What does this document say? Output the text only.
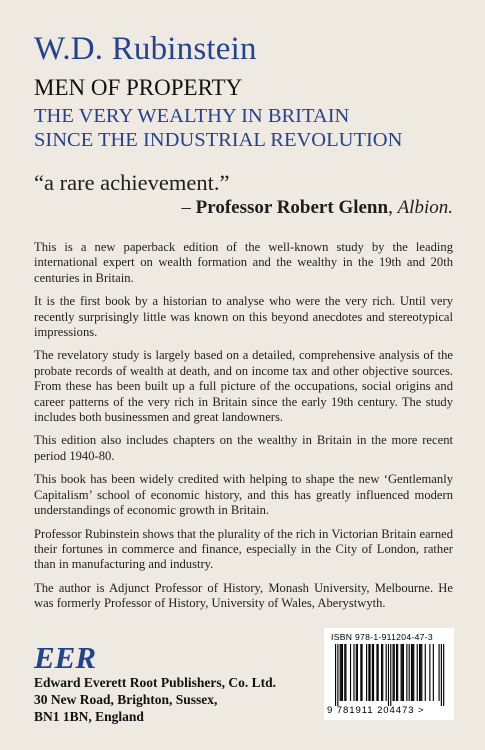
W.D. Rubinstein
MEN OF PROPERTY
THE VERY WEALTHY IN BRITAIN
SINCE THE INDUSTRIAL REVOLUTION
“a rare achievement.”
– Professor Robert Glenn, Albion.

This is a new paperback edition of the well-known study by the leading international expert on wealth formation and the wealthy in the 19th and 20th centuries in Britain.

It is the first book by a historian to analyse who were the very rich. Until very recently surprisingly little was known on this beyond anecdotes and stereotypical impressions.

The revelatory study is largely based on a detailed, comprehensive analysis of the probate records of wealth at death, and on income tax and other objective sources. From these has been built up a full picture of the occupations, social origins and career patterns of the very rich in Britain since the early 19th century. The study includes both businessmen and great landowners.

This edition also includes chapters on the wealthy in Britain in the more recent period 1940-80.

This book has been widely credited with helping to shape the new ‘Gentlemanly Capitalism’ school of economic history, and this has greatly influenced modern understandings of economic growth in Britain.

Professor Rubinstein shows that the plurality of the rich in Victorian Britain earned their fortunes in commerce and finance, especially in the City of London, rather than in manufacturing and industry.

The author is Adjunct Professor of History, Monash University, Melbourne. He was formerly Professor of History, University of Wales, Aberystwyth.

EER
Edward Everett Root Publishers, Co. Ltd.
30 New Road, Brighton, Sussex,
BN1 1BN, England
ISBN 978-1-911204-47-3
9 781911 204473 >
